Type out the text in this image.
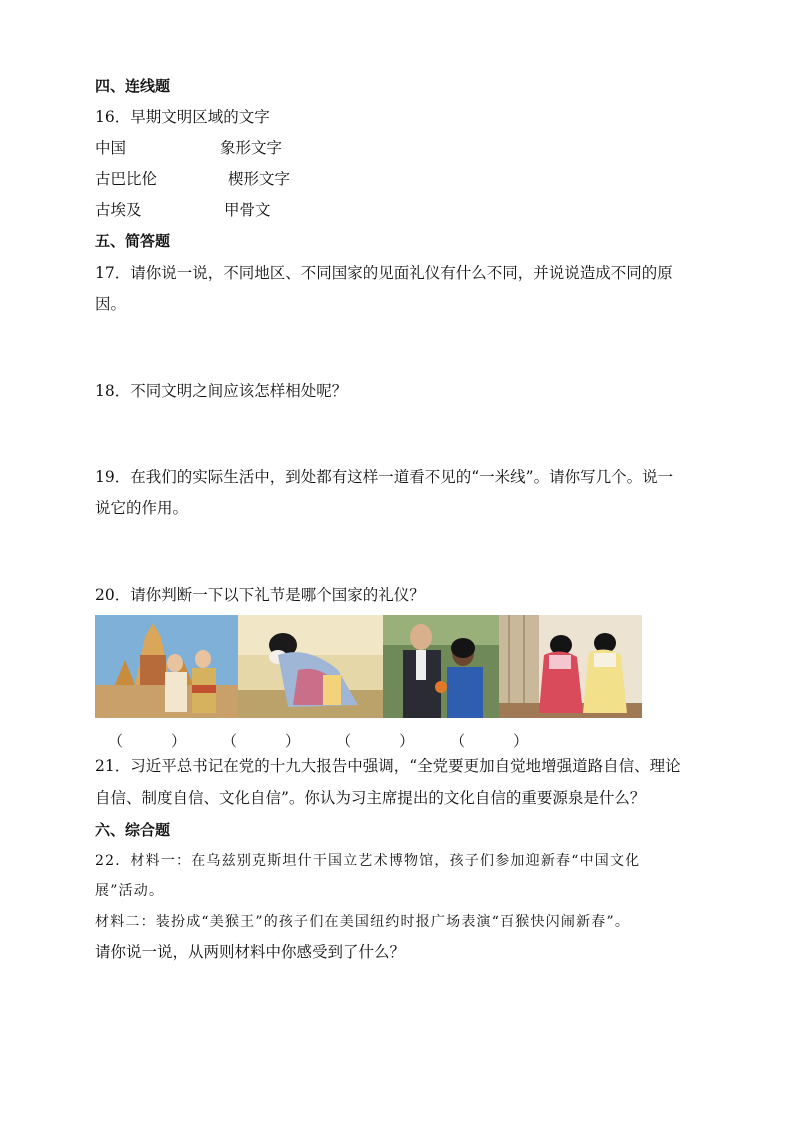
四、连线题
16．早期文明区域的文字
中国	象形文字
古巴比伦	楔形文字
古埃及	甲骨文
五、简答题
17．请你说一说，不同地区、不同国家的见面礼仪有什么不同，并说说造成不同的原
因。
18．不同文明之间应该怎样相处呢？
19．在我们的实际生活中，到处都有这样一道看不见的“一米线”。请你写几个。说一
说它的作用。
20．请你判断一下以下礼节是哪个国家的礼仪？
（	） （	） （	） （	）
21．习近平总书记在党的十九大报告中强调，“全党要更加自觉地增强道路自信、理论
自信、制度自信、文化自信”。你认为习主席提出的文化自信的重要源泉是什么？
六、综合题
22．材料一：在乌兹别克斯坦什干国立艺术博物馆，孩子们参加迎新春“中国文化
展”活动。
材料二：装扮成“美猴王”的孩子们在美国纽约时报广场表演“百猴快闪闹新春”。
请你说一说，从两则材料中你感受到了什么？
